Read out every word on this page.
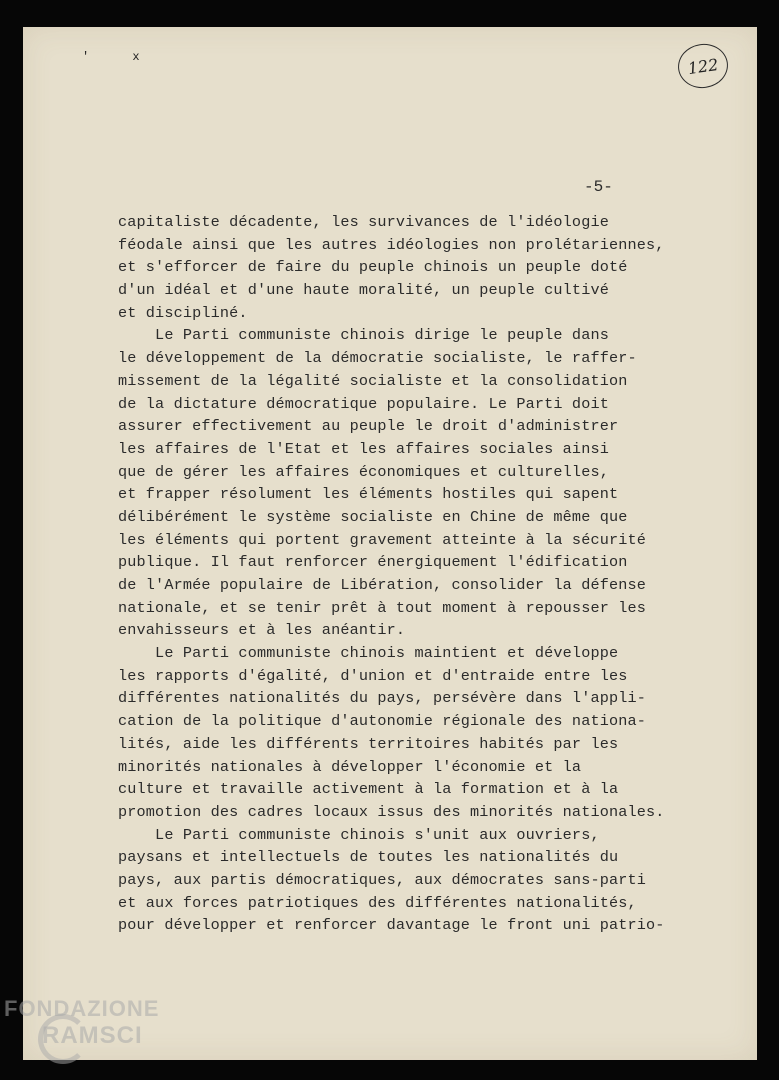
'	x	122
-5-
capitaliste décadente, les survivances de l'idéologie
féodale ainsi que les autres idéologies non prolétariennes,
et s'efforcer de faire du peuple chinois un peuple doté
d'un idéal et d'une haute moralité, un peuple cultivé
et discipliné.
Le Parti communiste chinois dirige le peuple dans
le développement de la démocratie socialiste, le raffer-
missement de la légalité socialiste et la consolidation
de la dictature démocratique populaire. Le Parti doit
assurer effectivement au peuple le droit d'administrer
les affaires de l'Etat et les affaires sociales ainsi
que de gérer les affaires économiques et culturelles,
et frapper résolument les éléments hostiles qui sapent
délibérément le système socialiste en Chine de même que
les éléments qui portent gravement atteinte à la sécurité
publique. Il faut renforcer énergiquement l'édification
de l'Armée populaire de Libération, consolider la défense
nationale, et se tenir prêt à tout moment à repousser les
envahisseurs et à les anéantir.
Le Parti communiste chinois maintient et développe
les rapports d'égalité, d'union et d'entraide entre les
différentes nationalités du pays, persévère dans l'appli-
cation de la politique d'autonomie régionale des nationa-
lités, aide les différents territoires habités par les
minorités nationales à développer l'économie et la
culture et travaille activement à la formation et à la
promotion des cadres locaux issus des minorités nationales.
Le Parti communiste chinois s'unit aux ouvriers,
paysans et intellectuels de toutes les nationalités du
pays, aux partis démocratiques, aux démocrates sans-parti
et aux forces patriotiques des différentes nationalités,
pour développer et renforcer davantage le front uni patrio-
FONDAZIONE
RAMSCI
